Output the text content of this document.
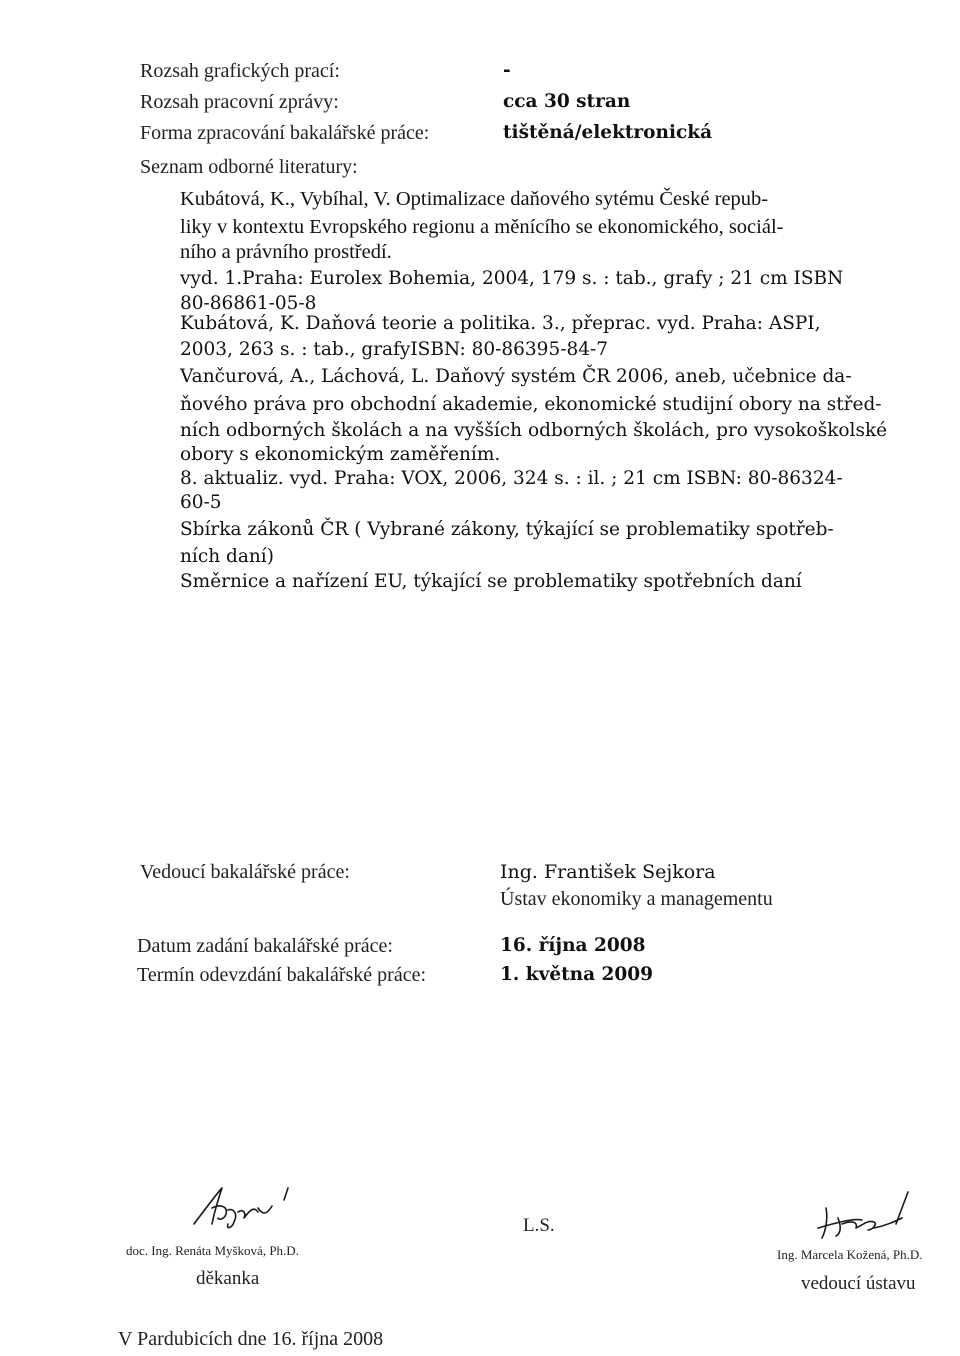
Rozsah grafických prací:	-
Rozsah pracovní zprávy:	cca 30 stran
Forma zpracování bakalářské práce:	tištěná/elektronická
Seznam odborné literatury:
Kubátová, K., Vybíhal, V. Optimalizace daňového sytému České repub-
liky v kontextu Evropského regionu a měnícího se ekonomického, sociál-
ního a právního prostředí.
vyd. 1.Praha: Eurolex Bohemia, 2004, 179 s. : tab., grafy ; 21 cm ISBN
80-86861-05-8
Kubátová, K. Daňová teorie a politika. 3., přeprac. vyd. Praha: ASPI,
2003, 263 s. : tab., grafyISBN: 80-86395-84-7
Vančurová, A., Láchová, L. Daňový systém ČR 2006, aneb, učebnice da-
ňového práva pro obchodní akademie, ekonomické studijní obory na střed-
ních odborných školách a na vyšších odborných školách, pro vysokoškolské
obory s ekonomickým zaměřením.
8. aktualiz. vyd. Praha: VOX, 2006, 324 s. : il. ; 21 cm ISBN: 80-86324-
60-5
Sbírka zákonů ČR ( Vybrané zákony, týkající se problematiky spotřeb-
ních daní)
Směrnice a nařízení EU, týkající se problematiky spotřebních daní
Vedoucí bakalářské práce:	Ing. František Sejkora
Ústav ekonomiky a managementu
Datum zadání bakalářské práce:	16. října 2008
Termín odevzdání bakalářské práce:	1. května 2009
doc. Ing. Renáta Myšková, Ph.D.
děkanka
L.S.
Ing. Marcela Kožená, Ph.D.
vedoucí ústavu
V Pardubicích dne 16. října 2008
